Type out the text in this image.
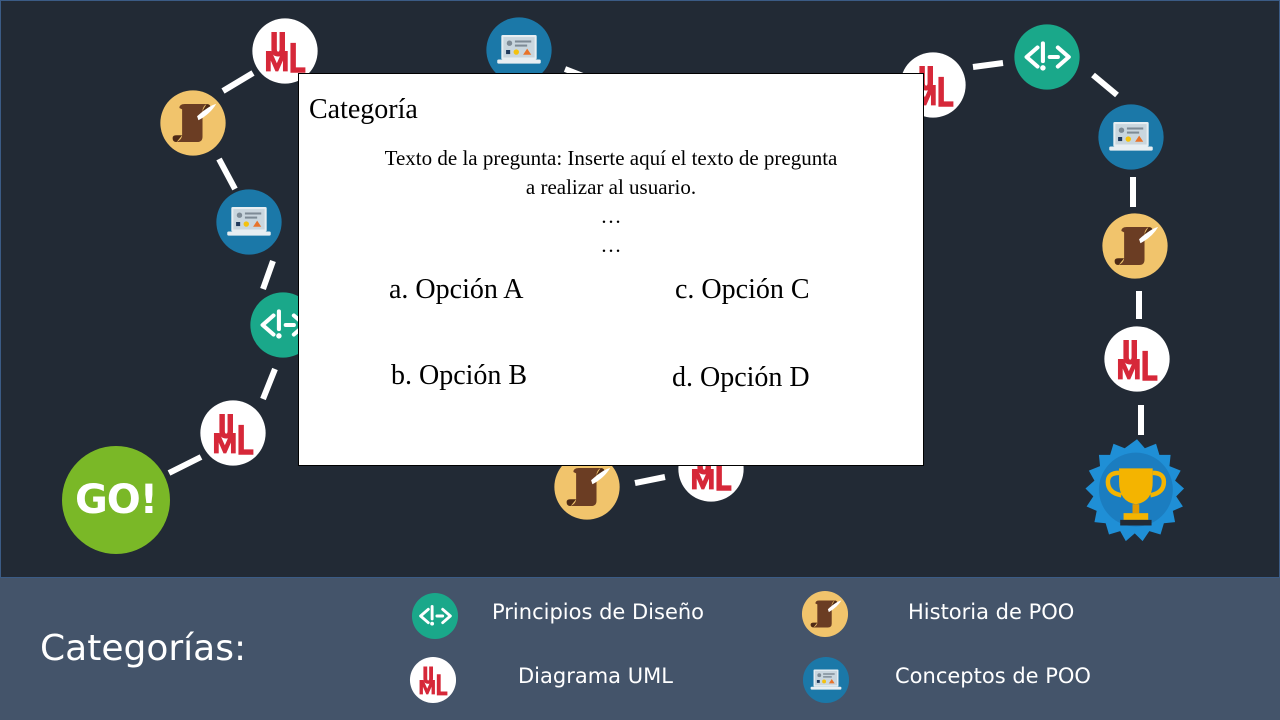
GO!
Categoría
Texto de la pregunta: Inserte aquí el texto de pregunta
a realizar al usuario.
…
…
a. Opción A
b. Opción B
c. Opción C
d. Opción D
Categorías:
Principios de Diseño	Historia de POO
Diagrama UML	Conceptos de POO
